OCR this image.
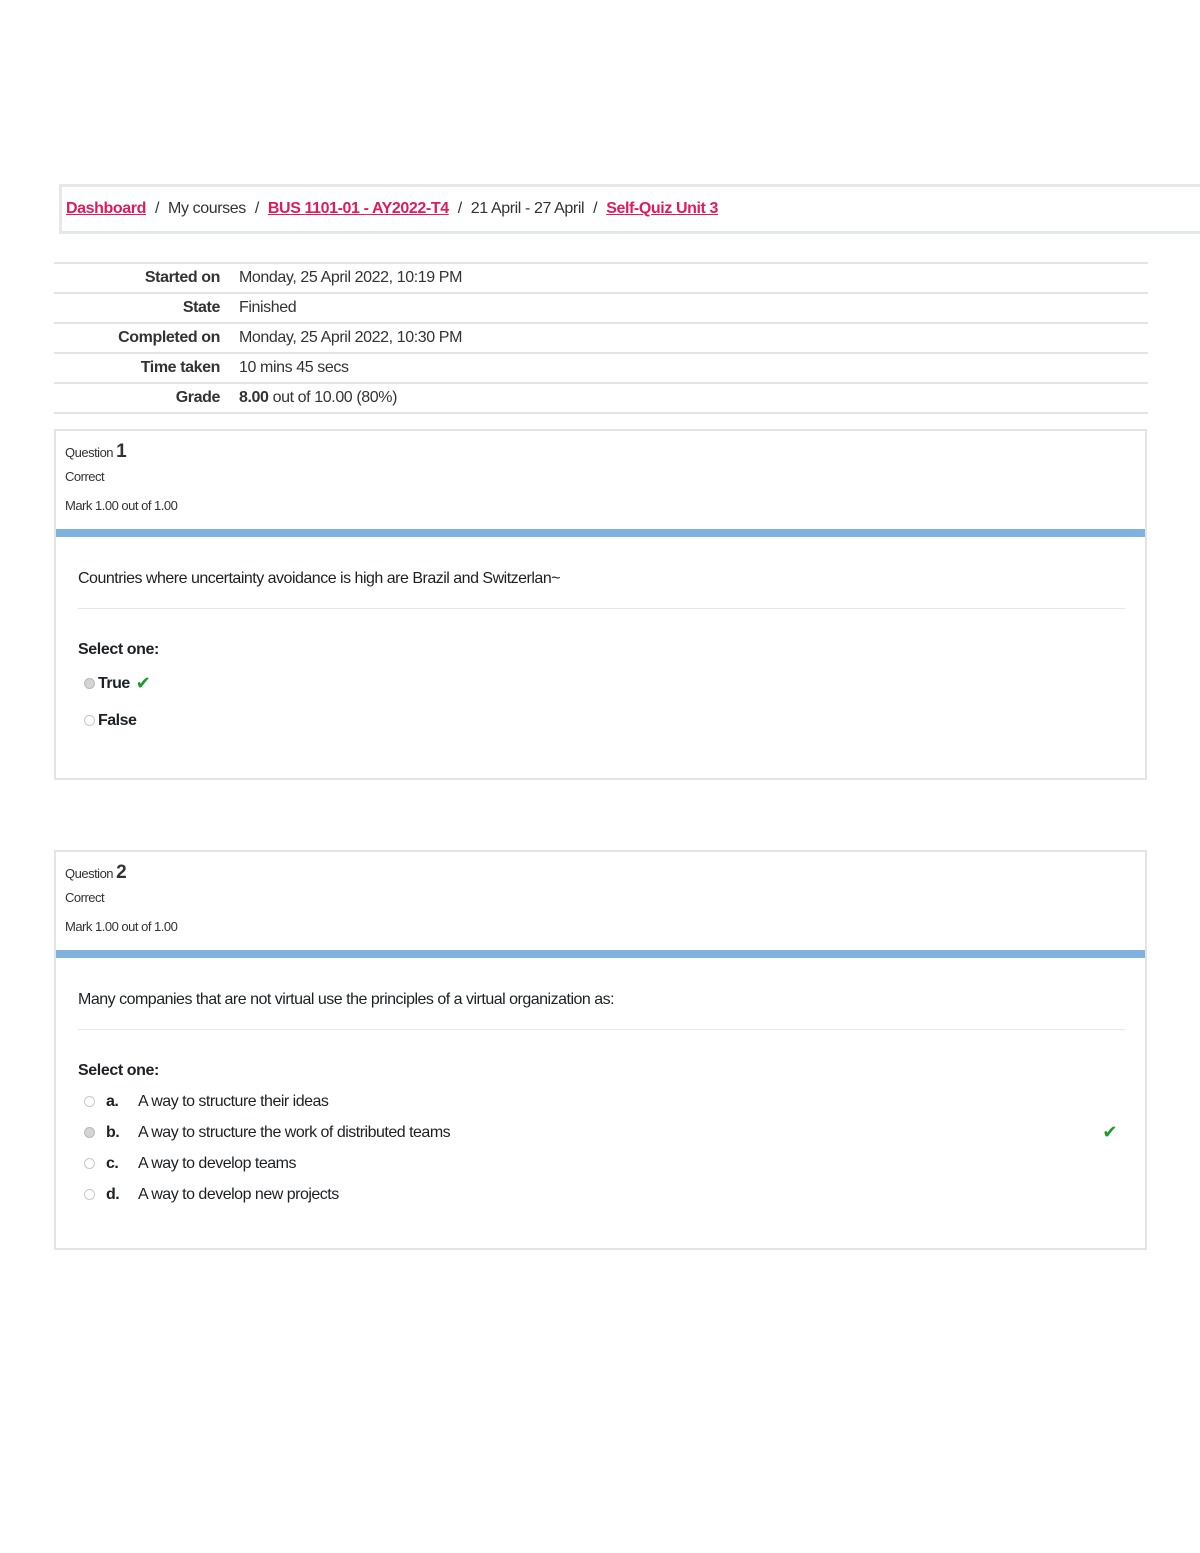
Dashboard / My courses / BUS 1101-01 - AY2022-T4 / 21 April - 27 April / Self-Quiz Unit 3
Started on Monday, 25 April 2022, 10:19 PM
State Finished
Completed on Monday, 25 April 2022, 10:30 PM
Time taken 10 mins 45 secs
Grade 8.00 out of 10.00 (80%)
Question 1
Correct
Mark 1.00 out of 1.00
Countries where uncertainty avoidance is high are Brazil and Switzerlan~
Select one:
True ✔
False
Question 2
Correct
Mark 1.00 out of 1.00
Many companies that are not virtual use the principles of a virtual organization as:
Select one:
a.	A way to structure their ideas
b.	A way to structure the work of distributed teams	✔
c.	A way to develop teams
d.	A way to develop new projects
